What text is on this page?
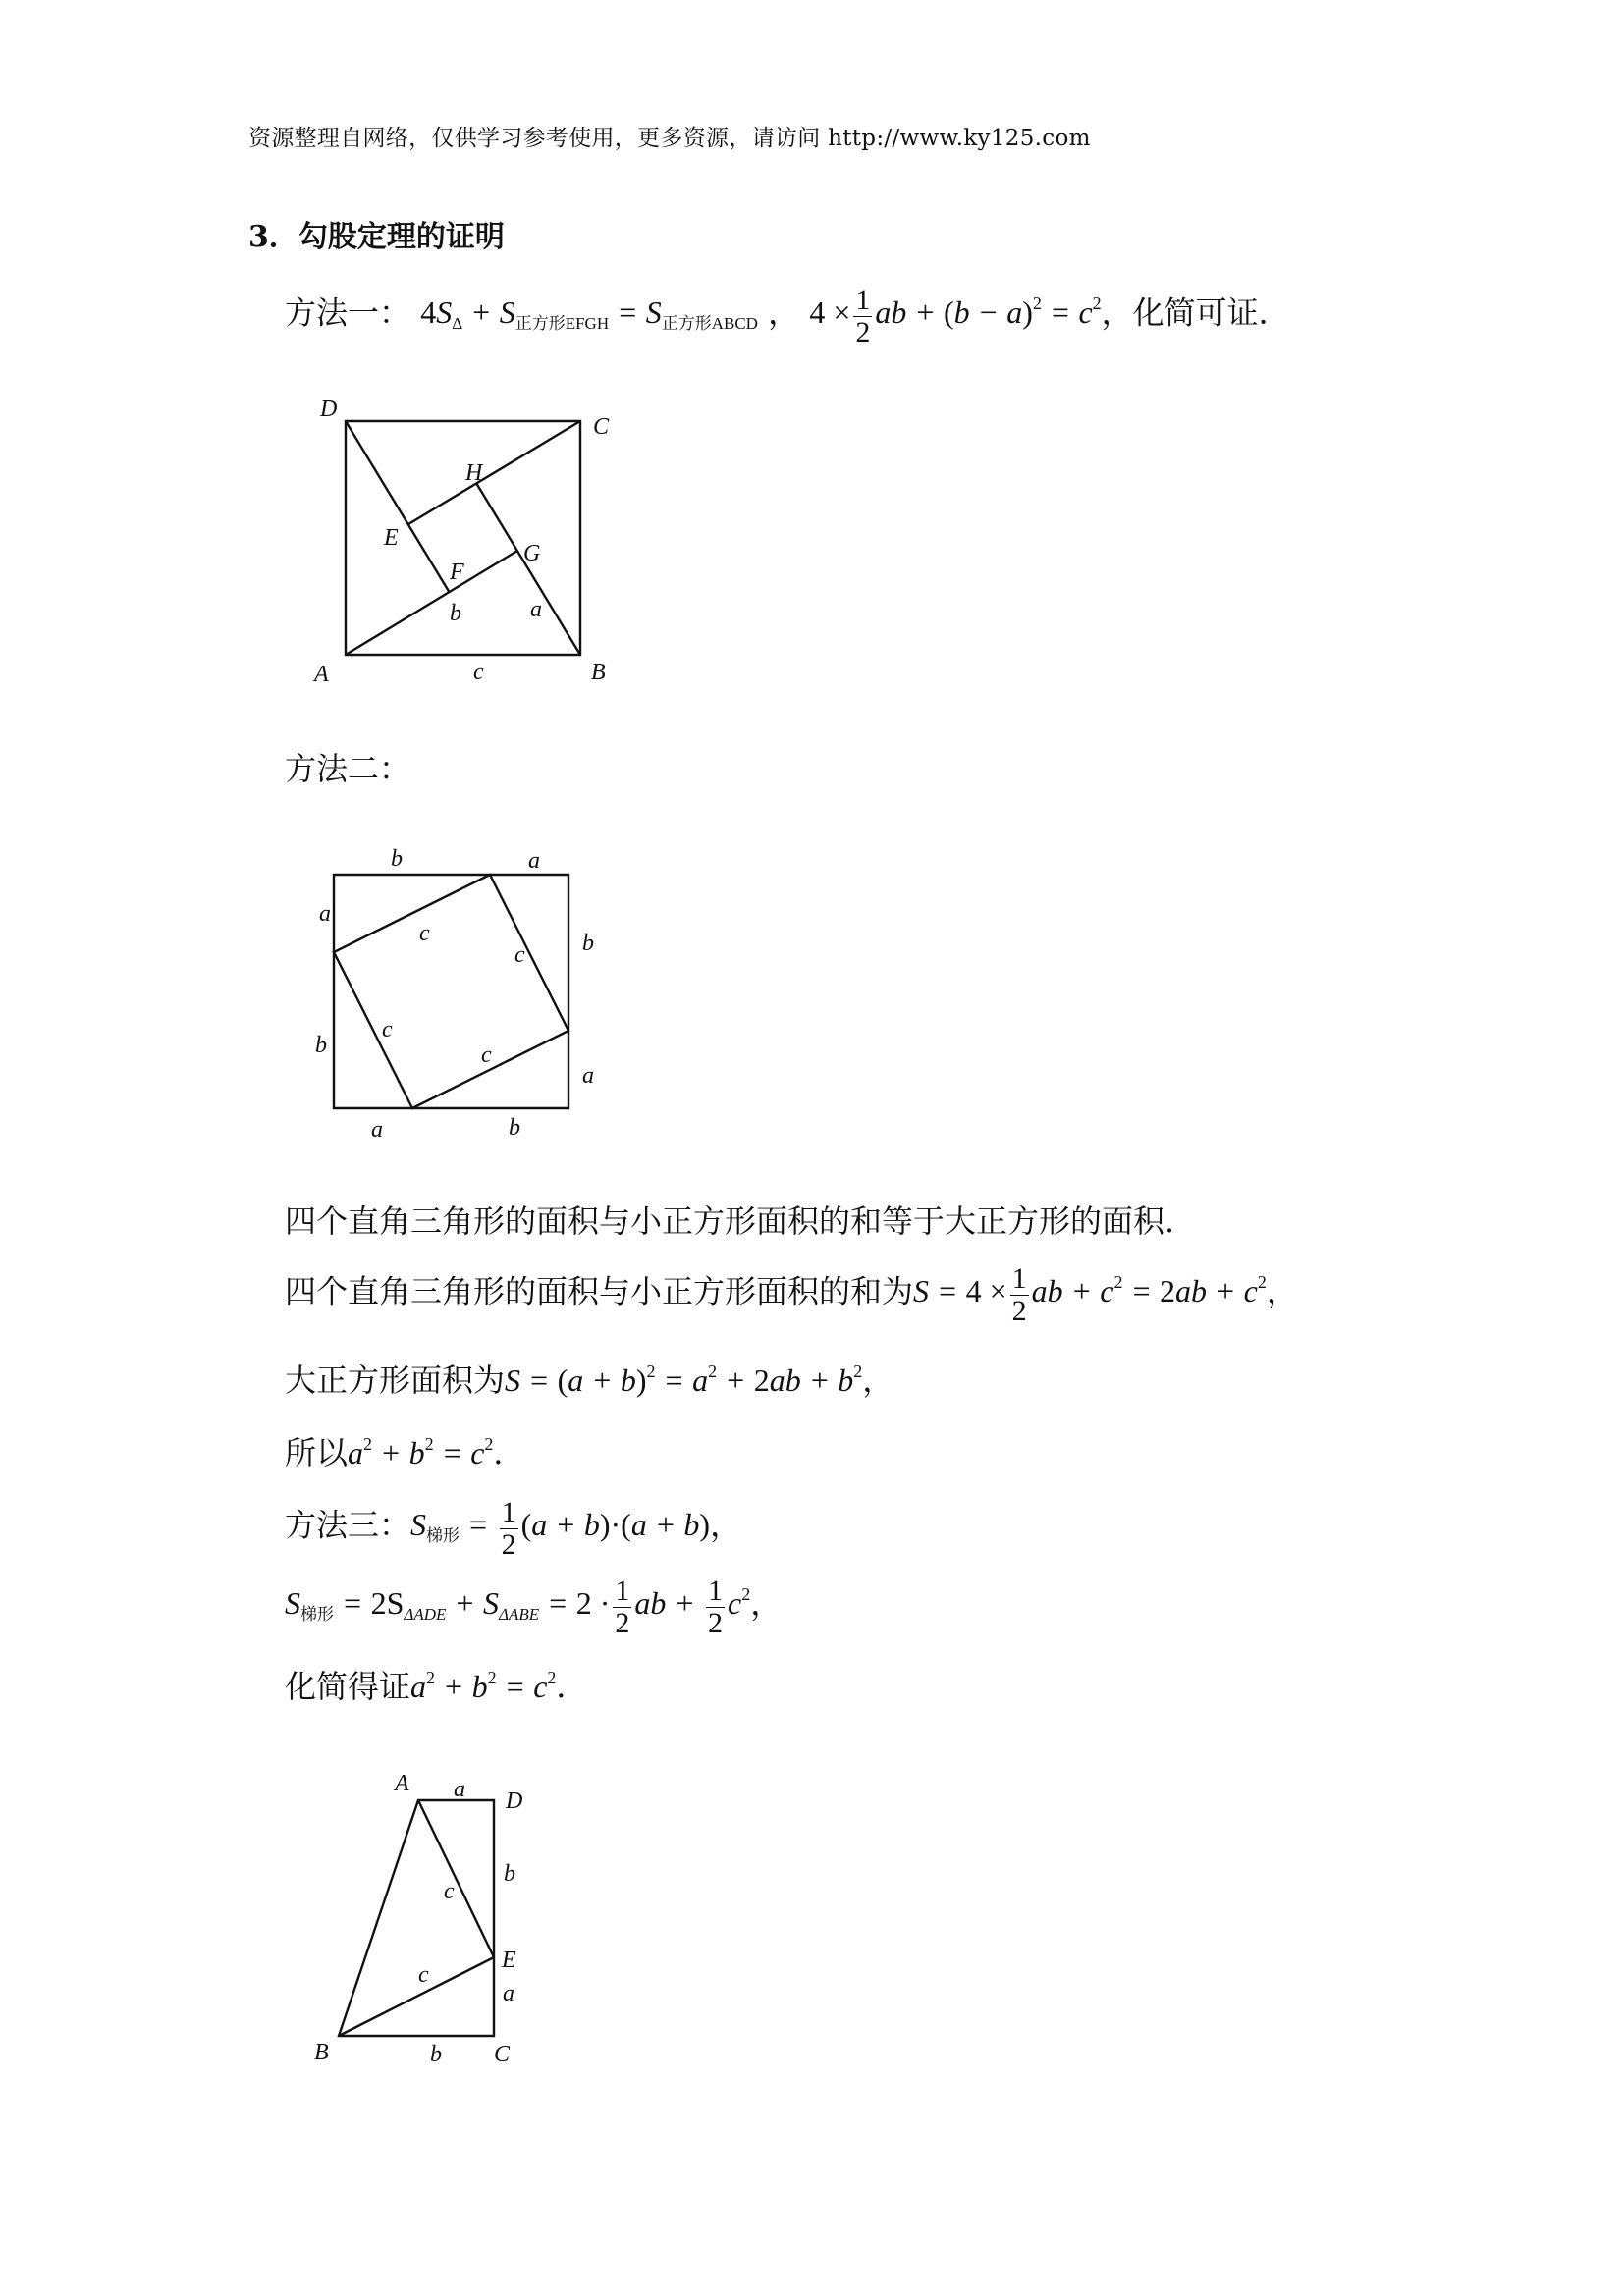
资源整理自网络，仅供学习参考使用，更多资源，请访问 http://www.ky125.com
3．勾股定理的证明
方法一： $4S_\Delta + S_{正方形EFGH} = S_{正方形ABCD}$ ， $4 \times \frac{1}{2}$ ab + $(b - a)^2 = c^2$，化简可证．
D
C
H
E
G
F
b	a
A	c	B
方法二：
b	a
a
b
c
c
c
c
b
a
a	b
四个直角三角形的面积与小正方形面积的和等于大正方形的面积.
四个直角三角形的面积与小正方形面积的和为$S = 4 \times \frac{1}{2}$ ab + $c^2 = 2ab + c^2$，
大正方形面积为$S = (a + b)^2 = a^2 + 2ab + b^2$，
所以$a^2 + b^2 = c^2$．
方法三：$S_{梯形} = \frac{1}{2} (a + b)\cdot(a + b)$，
$S_{梯形} = 2S\Delta ADE + S\Delta ABE = 2 \cdot \frac{1}{2}$ ab + $\frac{1}{2} c^2$，
化简得证$a^2 + b^2 = c^2$．
A a D
b
c
E
c
a
B	b C
